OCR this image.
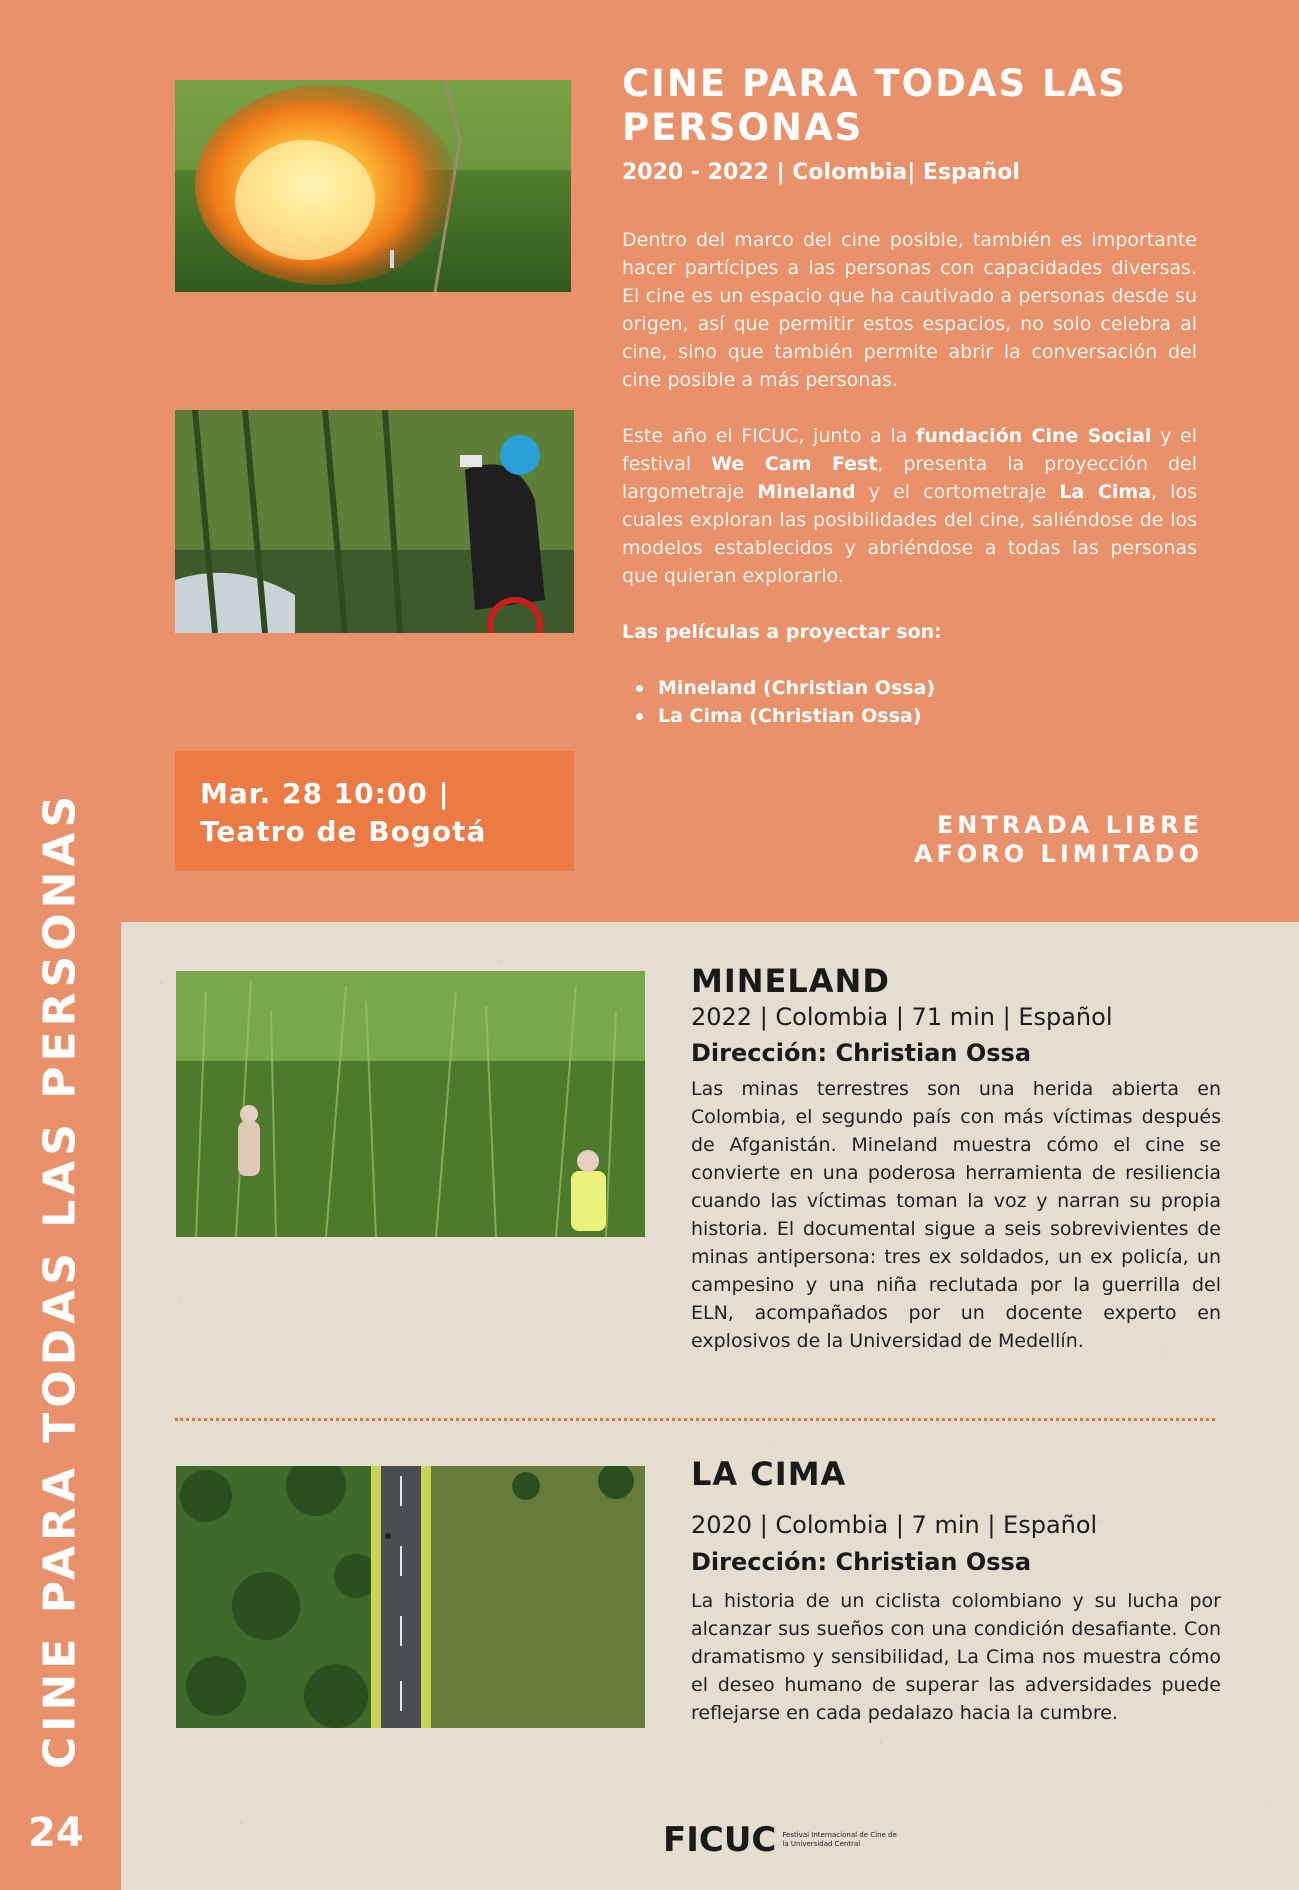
CINE PARA TODAS LAS PERSONAS
2020 - 2022 | Colombia| Español

Dentro del marco del cine posible, también es importante hacer partícipes a las personas con capacidades diversas. El cine es un espacio que ha cautivado a personas desde su origen, así que permitir estos espacios, no solo celebra al cine, sino que también permite abrir la conversación del cine posible a más personas.

Este año el FICUC, junto a la fundación Cine Social y el festival We Cam Fest, presenta la proyección del largometraje Mineland y el cortometraje La Cima, los cuales exploran las posibilidades del cine, saliéndose de los modelos establecidos y abriéndose a todas las personas que quieran explorarlo.

Las películas a proyectar son:

Mineland (Christian Ossa)
La Cima (Christian Ossa)
Mar. 28 10:00 |
Teatro de Bogotá	ENTRADA LIBRE
AFORO LIMITADO
MINELAND
2022 | Colombia | 71 min | Español
Dirección: Christian Ossa
Las minas terrestres son una herida abierta en Colombia, el segundo país con más víctimas después de Afganistán. Mineland muestra cómo el cine se convierte en una poderosa herramienta de resiliencia cuando las víctimas toman la voz y narran su propia historia. El documental sigue a seis sobrevivientes de minas antipersona: tres ex soldados, un ex policía, un campesino y una niña reclutada por la guerrilla del ELN, acompañados por un docente experto en explosivos de la Universidad de Medellín.
LA CIMA
2020 | Colombia | 7 min | Español
Dirección: Christian Ossa
La historia de un ciclista colombiano y su lucha por alcanzar sus sueños con una condición desafiante. Con dramatismo y sensibilidad, La Cima nos muestra cómo el deseo humano de superar las adversidades puede reflejarse en cada pedalazo hacia la cumbre.
CINE PARA TODAS LAS PERSONAS
24	FICUC Festival Internacional de Cine de la Universidad Central
